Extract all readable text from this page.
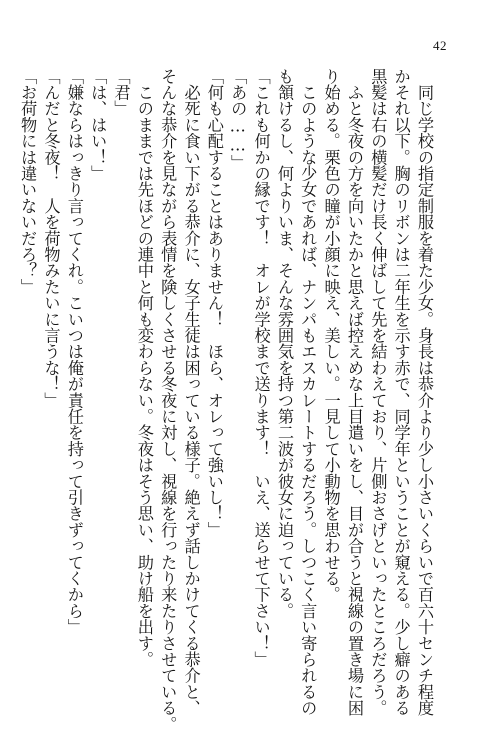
42
　同じ学校の指定制服を着た少女。身長は恭介より少し小さいくらいで百六十センチ程度
かそれ以下。胸のリボンは二年生を示す赤で、同学年ということが窺える。少し癖のある
黒髪は右の横髪だけ長く伸ばして先を結わえており、片側おさげといったところだろう。
　ふと冬夜の方を向いたかと思えば控えめな上目遣いをし、目が合うと視線の置き場に困
り始める。栗色の瞳が小顔に映え、美しい。一見して小動物を思わせる。
　このような少女であれば、ナンパもエスカレートするだろう。しつこく言い寄られるの
も頷けるし、何よりいま、そんな雰囲気を持つ第二波が彼女に迫っている。
「これも何かの縁です！　オレが学校まで送ります！　いえ、送らせて下さい！」
「あの……」
「何も心配することはありません！　ほら、オレって強いし！」
　必死に食い下がる恭介に、女子生徒は困っている様子。絶えず話しかけてくる恭介と、
そんな恭介を見ながら表情を険しくさせる冬夜に対し、視線を行ったり来たりさせている。
　このままでは先ほどの連中と何も変わらない。冬夜はそう思い、助け船を出す。
「君」
「は、はい！」
「嫌ならはっきり言ってくれ。こいつは俺が責任を持って引きずってくから」
「んだと冬夜！　人を荷物みたいに言うな！」
「お荷物には違いないだろ？」
